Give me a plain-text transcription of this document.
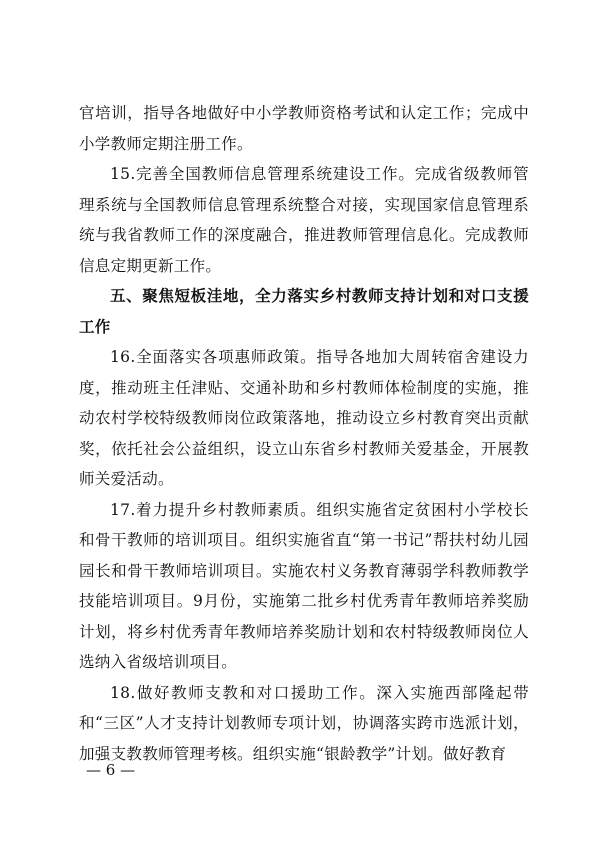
官培训，指导各地做好中小学教师资格考试和认定工作；完成中小学教师定期注册工作。

15.完善全国教师信息管理系统建设工作。完成省级教师管理系统与全国教师信息管理系统整合对接，实现国家信息管理系统与我省教师工作的深度融合，推进教师管理信息化。完成教师信息定期更新工作。

五、聚焦短板洼地，全力落实乡村教师支持计划和对口支援工作

16.全面落实各项惠师政策。指导各地加大周转宿舍建设力度，推动班主任津贴、交通补助和乡村教师体检制度的实施，推动农村学校特级教师岗位政策落地，推动设立乡村教育突出贡献奖，依托社会公益组织，设立山东省乡村教师关爱基金，开展教师关爱活动。

17.着力提升乡村教师素质。组织实施省定贫困村小学校长和骨干教师的培训项目。组织实施省直“第一书记”帮扶村幼儿园园长和骨干教师培训项目。实施农村义务教育薄弱学科教师教学技能培训项目。9月份，实施第二批乡村优秀青年教师培养奖励计划，将乡村优秀青年教师培养奖励计划和农村特级教师岗位人选纳入省级培训项目。

18.做好教师支教和对口援助工作。深入实施西部隆起带和“三区”人才支持计划教师专项计划，协调落实跨市选派计划，加强支教教师管理考核。组织实施“银龄教学”计划。做好教育

— 6 —
